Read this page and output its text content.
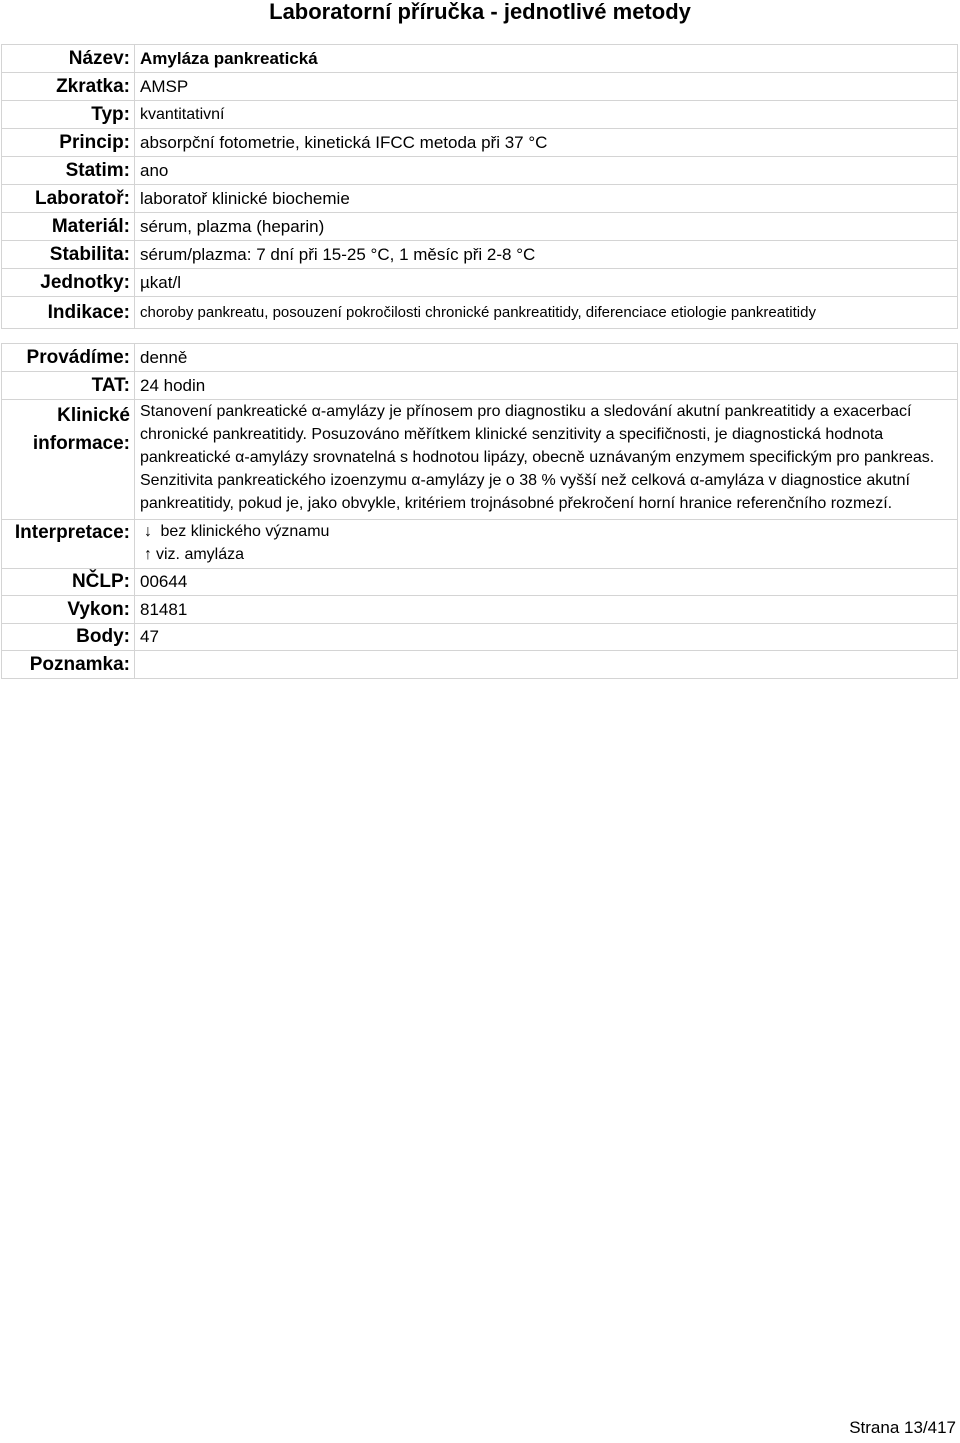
Laboratorní příručka - jednotlivé metody
Název:	Amyláza pankreatická
Zkratka:	AMSP
Typ:	kvantitativní
Princip:	absorpční fotometrie, kinetická IFCC metoda při 37 °C
Statim:	ano
Laboratoř:	laboratoř klinické biochemie
Materiál:	sérum, plazma (heparin)
Stabilita:	sérum/plazma: 7 dní při 15-25 °C, 1 měsíc při 2-8 °C
Jednotky:	µkat/l
Indikace:	choroby pankreatu, posouzení pokročilosti chronické pankreatitidy, diferenciace etiologie pankreatitidy

Provádíme:	denně
TAT:	24 hodin

Klinické
informace:	Stanovení pankreatické α-amylázy je přínosem pro diagnostiku a sledování akutní pankreatitidy a exacerbací chronické pankreatitidy. Posuzováno měřítkem klinické senzitivity a specifičnosti, je diagnostická hodnota pankreatické α-amylázy srovnatelná s hodnotou lipázy, obecně uznávaným enzymem specifickým pro pankreas. Senzitivita pankreatického izoenzymu α-amylázy je o 38 % vyšší než celková α-amyláza v diagnostice akutní pankreatitidy, pokud je, jako obvykle, kritériem trojnásobné překročení horní hranice referenčního rozmezí.
Interpretace:	↓ bez klinického významu
↑ viz. amyláza

NČLP:	00644
Vykon:	81481
Body:	47
Poznamka:	
Strana 13/417
